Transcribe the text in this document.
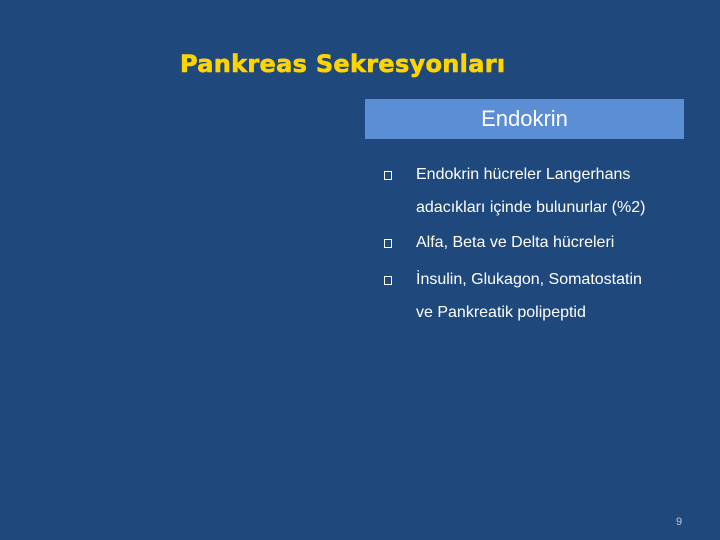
Pankreas Sekresyonları
Endokrin
Endokrin hücreler Langerhans
adacıkları içinde bulunurlar (%2)
Alfa, Beta ve Delta hücreleri
İnsulin, Glukagon, Somatostatin
ve Pankreatik polipeptid
9
